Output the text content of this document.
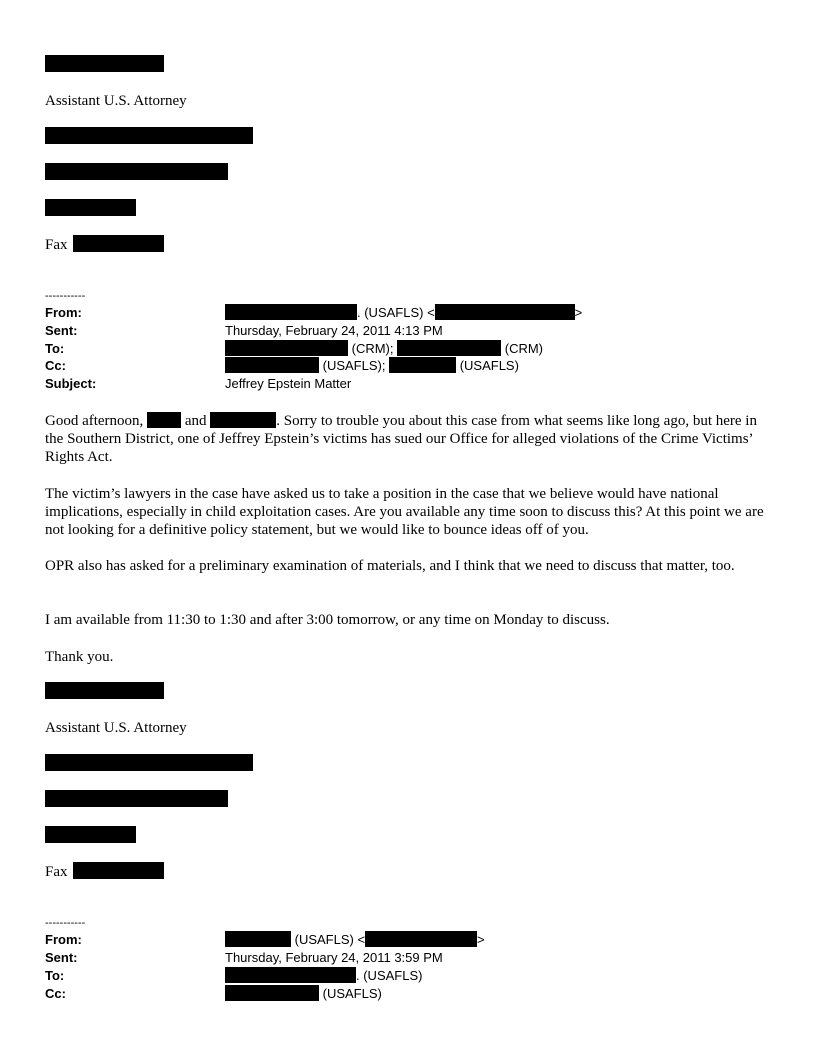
Assistant U.S. Attorney
Fax
-----------
From:	. (USAFLS) <	>
Sent:	Thursday, February 24, 2011 4:13 PM
To:	(CRM);	(CRM)
Cc:	(USAFLS);	(USAFLS)
Subject:	Jeffrey Epstein Matter
Good afternoon,  and	. Sorry to trouble you about this case from what seems like long ago, but here in the Southern District, one of Jeffrey Epstein’s victims has sued our Office for alleged violations of the Crime Victims’ Rights Act.
The victim’s lawyers in the case have asked us to take a position in the case that we believe would have national implications, especially in child exploitation cases. Are you available any time soon to discuss this? At this point we are not looking for a definitive policy statement, but we would like to bounce ideas off of you.
OPR also has asked for a preliminary examination of materials, and I think that we need to discuss that matter, too.
I am available from 11:30 to 1:30 and after 3:00 tomorrow, or any time on Monday to discuss.
Thank you.
Assistant U.S. Attorney
Fax
-----------
From:	(USAFLS) <	>
Sent:	Thursday, February 24, 2011 3:59 PM
To:	. (USAFLS)
Cc:	(USAFLS)
